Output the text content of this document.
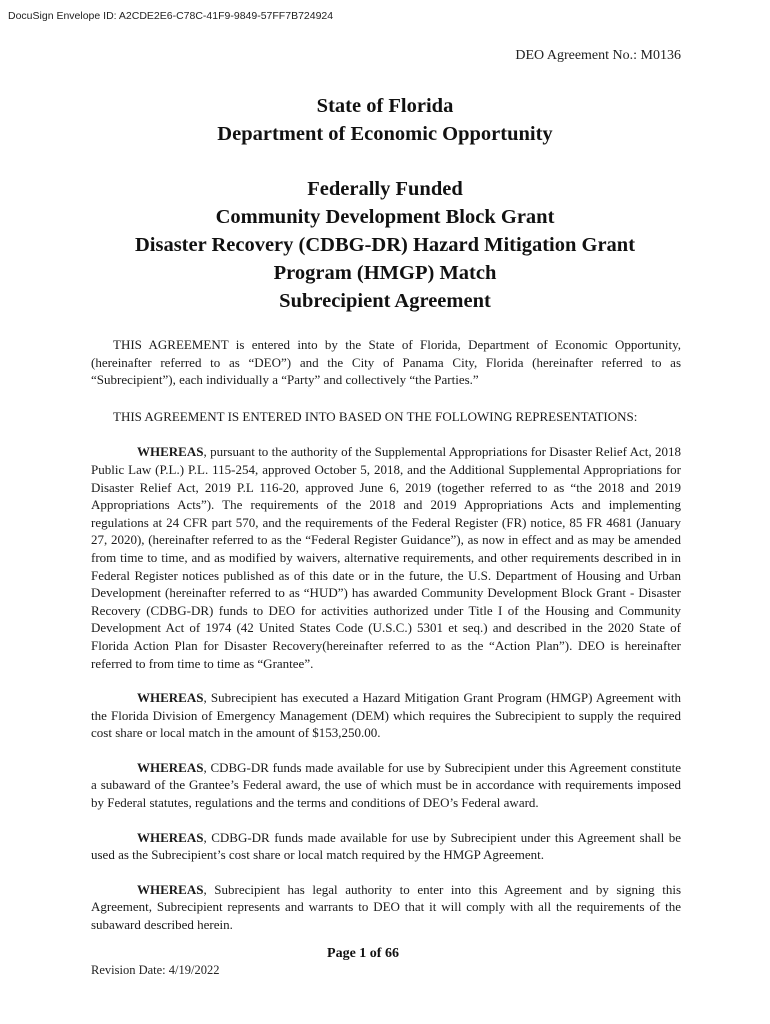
DocuSign Envelope ID: A2CDE2E6-C78C-41F9-9849-57FF7B724924
DEO Agreement No.: M0136
State of Florida
Department of Economic Opportunity
Federally Funded
Community Development Block Grant
Disaster Recovery (CDBG-DR) Hazard Mitigation Grant
Program (HMGP) Match
Subrecipient Agreement

THIS AGREEMENT is entered into by the State of Florida, Department of Economic Opportunity, (hereinafter referred to as “DEO”) and the City of Panama City, Florida (hereinafter referred to as “Subrecipient”), each individually a “Party” and collectively “the Parties.”

THIS AGREEMENT IS ENTERED INTO BASED ON THE FOLLOWING REPRESENTATIONS:

WHEREAS, pursuant to the authority of the Supplemental Appropriations for Disaster Relief Act, 2018 Public Law (P.L.) P.L. 115-254, approved October 5, 2018, and the Additional Supplemental Appropriations for Disaster Relief Act, 2019 P.L 116-20, approved June 6, 2019 (together referred to as “the 2018 and 2019 Appropriations Acts”). The requirements of the 2018 and 2019 Appropriations Acts and implementing regulations at 24 CFR part 570, and the requirements of the Federal Register (FR) notice, 85 FR 4681 (January 27, 2020), (hereinafter referred to as the “Federal Register Guidance”), as now in effect and as may be amended from time to time, and as modified by waivers, alternative requirements, and other requirements described in in Federal Register notices published as of this date or in the future, the U.S. Department of Housing and Urban Development (hereinafter referred to as “HUD”) has awarded Community Development Block Grant - Disaster Recovery (CDBG-DR) funds to DEO for activities authorized under Title I of the Housing and Community Development Act of 1974 (42 United States Code (U.S.C.) 5301 et seq.) and described in the 2020 State of Florida Action Plan for Disaster Recovery(hereinafter referred to as the “Action Plan”). DEO is hereinafter referred to from time to time as “Grantee”.

WHEREAS, Subrecipient has executed a Hazard Mitigation Grant Program (HMGP) Agreement with the Florida Division of Emergency Management (DEM) which requires the Subrecipient to supply the required cost share or local match in the amount of $153,250.00.

WHEREAS, CDBG-DR funds made available for use by Subrecipient under this Agreement constitute a subaward of the Grantee’s Federal award, the use of which must be in accordance with requirements imposed by Federal statutes, regulations and the terms and conditions of DEO’s Federal award.

WHEREAS, CDBG-DR funds made available for use by Subrecipient under this Agreement shall be used as the Subrecipient’s cost share or local match required by the HMGP Agreement.

WHEREAS, Subrecipient has legal authority to enter into this Agreement and by signing this Agreement, Subrecipient represents and warrants to DEO that it will comply with all the requirements of the subaward described herein.

Page 1 of 66
Revision Date: 4/19/2022
